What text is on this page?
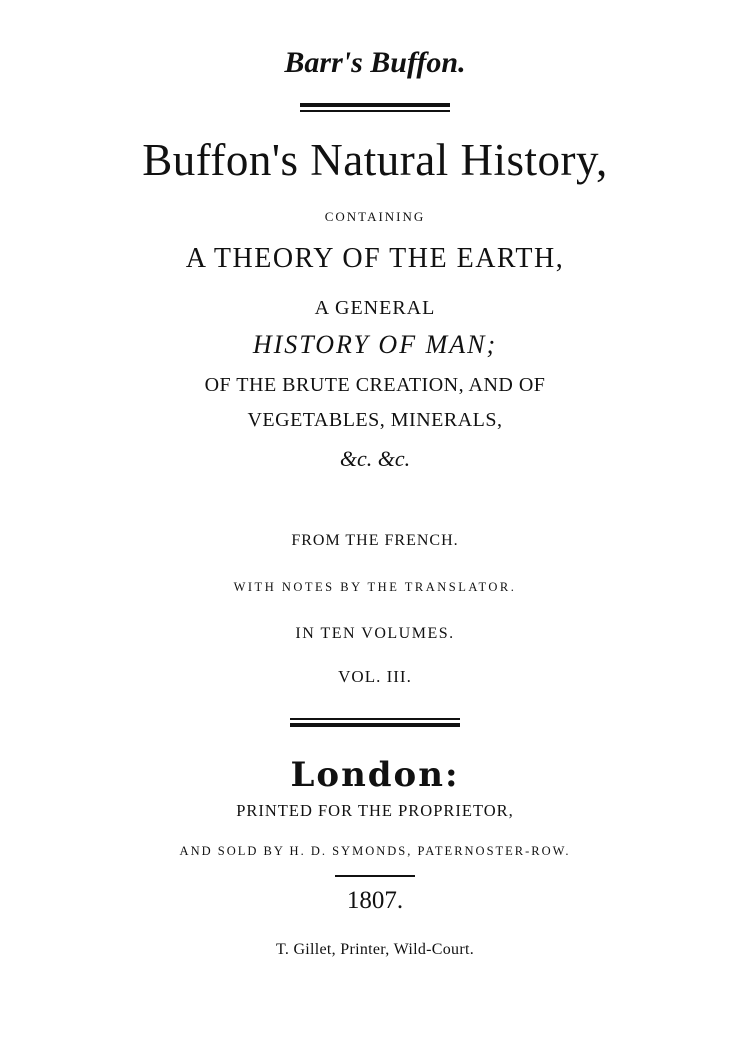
Barr's Buffon.
Buffon's Natural History,
CONTAINING
A THEORY OF THE EARTH,
A GENERAL
HISTORY OF MAN;
OF THE BRUTE CREATION, AND OF
VEGETABLES, MINERALS,
&c. &c.
FROM THE FRENCH.
WITH NOTES BY THE TRANSLATOR.
IN TEN VOLUMES.
VOL. III.
London:
PRINTED FOR THE PROPRIETOR,
AND SOLD BY H. D. SYMONDS, PATERNOSTER-ROW.
1807.
T. Gillet, Printer, Wild-Court.
